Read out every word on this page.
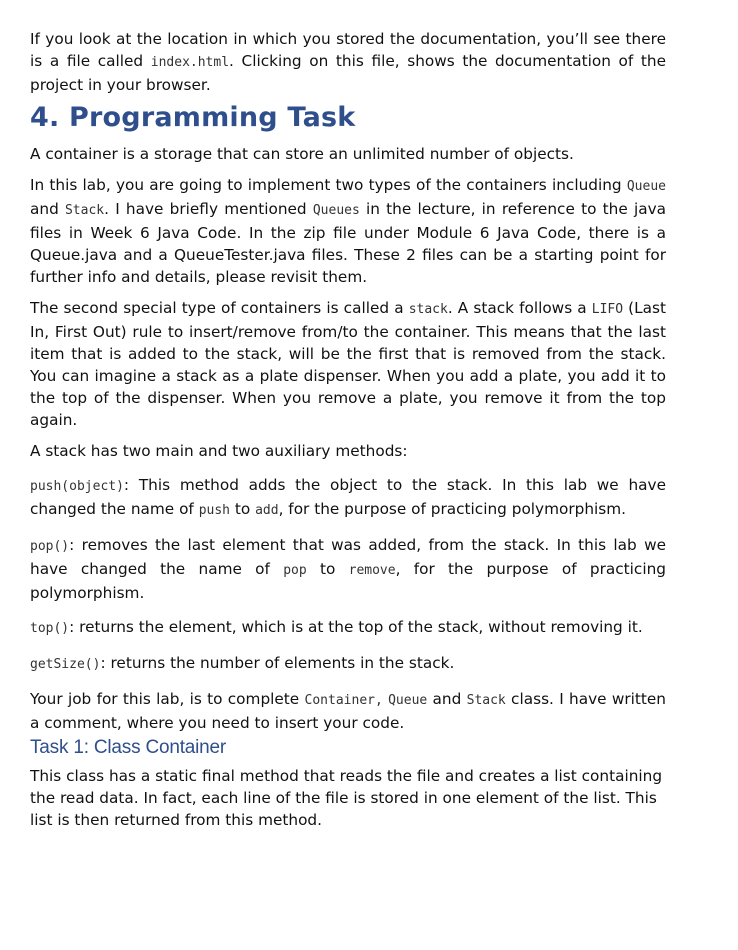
If you look at the location in which you stored the documentation, you’ll see there is a file called index.html. Clicking on this file, shows the documentation of the project in your browser.

4. Programming Task

A container is a storage that can store an unlimited number of objects.

In this lab, you are going to implement two types of the containers including Queue and Stack. I have briefly mentioned Queues in the lecture, in reference to the java files in Week 6 Java Code. In the zip file under Module 6 Java Code, there is a Queue.java and a QueueTester.java files. These 2 files can be a starting point for further info and details, please revisit them.

The second special type of containers is called a stack. A stack follows a LIFO (Last In, First Out) rule to insert/remove from/to the container. This means that the last item that is added to the stack, will be the first that is removed from the stack. You can imagine a stack as a plate dispenser. When you add a plate, you add it to the top of the dispenser. When you remove a plate, you remove it from the top again.

A stack has two main and two auxiliary methods:

push(object): This method adds the object to the stack. In this lab we have changed the name of push to add, for the purpose of practicing polymorphism.

pop(): removes the last element that was added, from the stack. In this lab we have changed the name of pop to remove, for the purpose of practicing polymorphism.

top(): returns the element, which is at the top of the stack, without removing it.

getSize(): returns the number of elements in the stack.

Your job for this lab, is to complete Container, Queue and Stack class. I have written a comment, where you need to insert your code.

Task 1: Class Container

This class has a static final method that reads the file and creates a list containing the read data. In fact, each line of the file is stored in one element of the list. This list is then returned from this method.
